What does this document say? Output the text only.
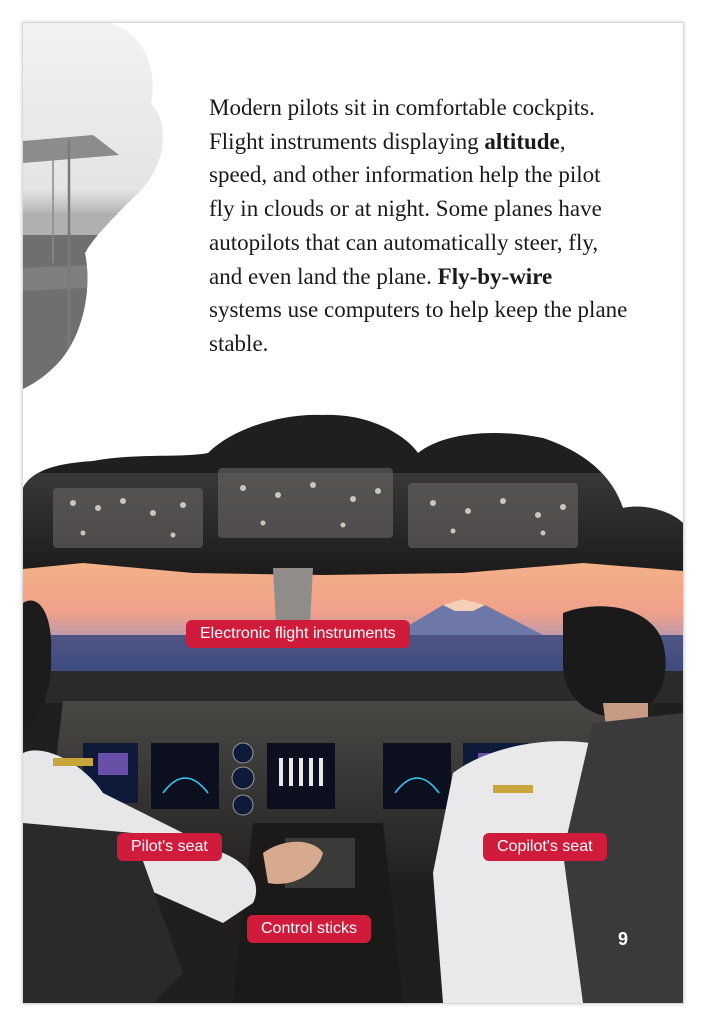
Modern pilots sit in comfortable cockpits. Flight instruments displaying altitude, speed, and other information help the pilot fly in clouds or at night. Some planes have autopilots that can automatically steer, fly, and even land the plane. Fly-by-wire systems use computers to help keep the plane stable.

Electronic flight instruments
Pilot's seat	Copilot's seat
Control sticks
9
